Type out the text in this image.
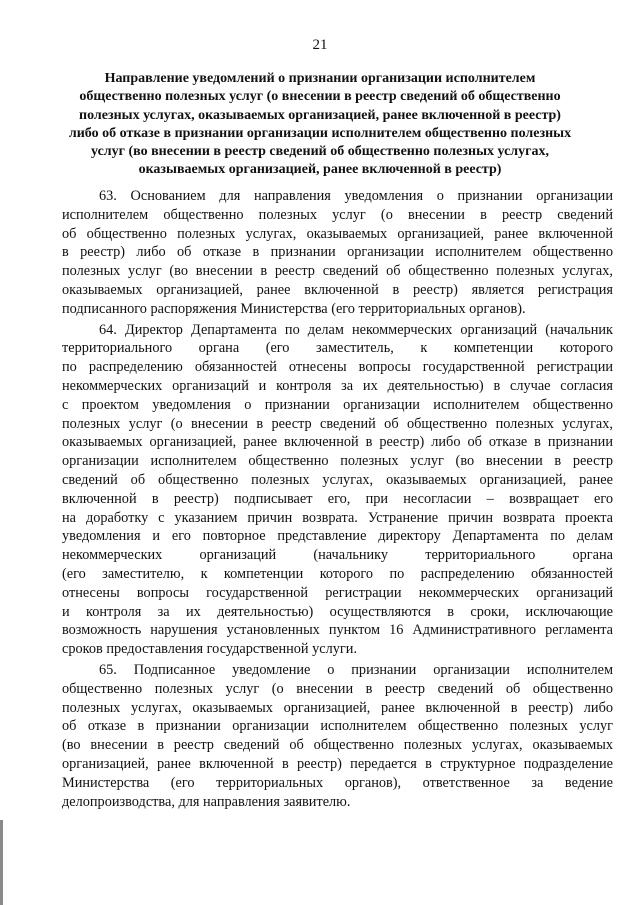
21
Направление уведомлений о признании организации исполнителем
общественно полезных услуг (о внесении в реестр сведений об общественно
полезных услугах, оказываемых организацией, ранее включенной в реестр)
либо об отказе в признании организации исполнителем общественно полезных
услуг (во внесении в реестр сведений об общественно полезных услугах,
оказываемых организацией, ранее включенной в реестр)
63. Основанием для направления уведомления о признании организации
исполнителем общественно полезных услуг (о внесении в реестр сведений
об общественно полезных услугах, оказываемых организацией, ранее включенной
в реестр) либо об отказе в признании организации исполнителем общественно
полезных услуг (во внесении в реестр сведений об общественно полезных услугах,
оказываемых организацией, ранее включенной в реестр) является регистрация
подписанного распоряжения Министерства (его территориальных органов).
64. Директор Департамента по делам некоммерческих организаций (начальник
территориального органа (его заместитель, к компетенции которого
по распределению обязанностей отнесены вопросы государственной регистрации
некоммерческих организаций и контроля за их деятельностью) в случае согласия
с проектом уведомления о признании организации исполнителем общественно
полезных услуг (о внесении в реестр сведений об общественно полезных услугах,
оказываемых организацией, ранее включенной в реестр) либо об отказе в признании
организации исполнителем общественно полезных услуг (во внесении в реестр
сведений об общественно полезных услугах, оказываемых организацией, ранее
включенной в реестр) подписывает его, при несогласии – возвращает его
на доработку с указанием причин возврата. Устранение причин возврата проекта
уведомления и его повторное представление директору Департамента по делам
некоммерческих организаций (начальнику территориального органа
(его заместителю, к компетенции которого по распределению обязанностей
отнесены вопросы государственной регистрации некоммерческих организаций
и контроля за их деятельностью) осуществляются в сроки, исключающие
возможность нарушения установленных пунктом 16 Административного регламента
сроков предоставления государственной услуги.
65. Подписанное уведомление о признании организации исполнителем
общественно полезных услуг (о внесении в реестр сведений об общественно
полезных услугах, оказываемых организацией, ранее включенной в реестр) либо
об отказе в признании организации исполнителем общественно полезных услуг
(во внесении в реестр сведений об общественно полезных услугах, оказываемых
организацией, ранее включенной в реестр) передается в структурное подразделение
Министерства (его территориальных органов), ответственное за ведение
делопроизводства, для направления заявителю.
